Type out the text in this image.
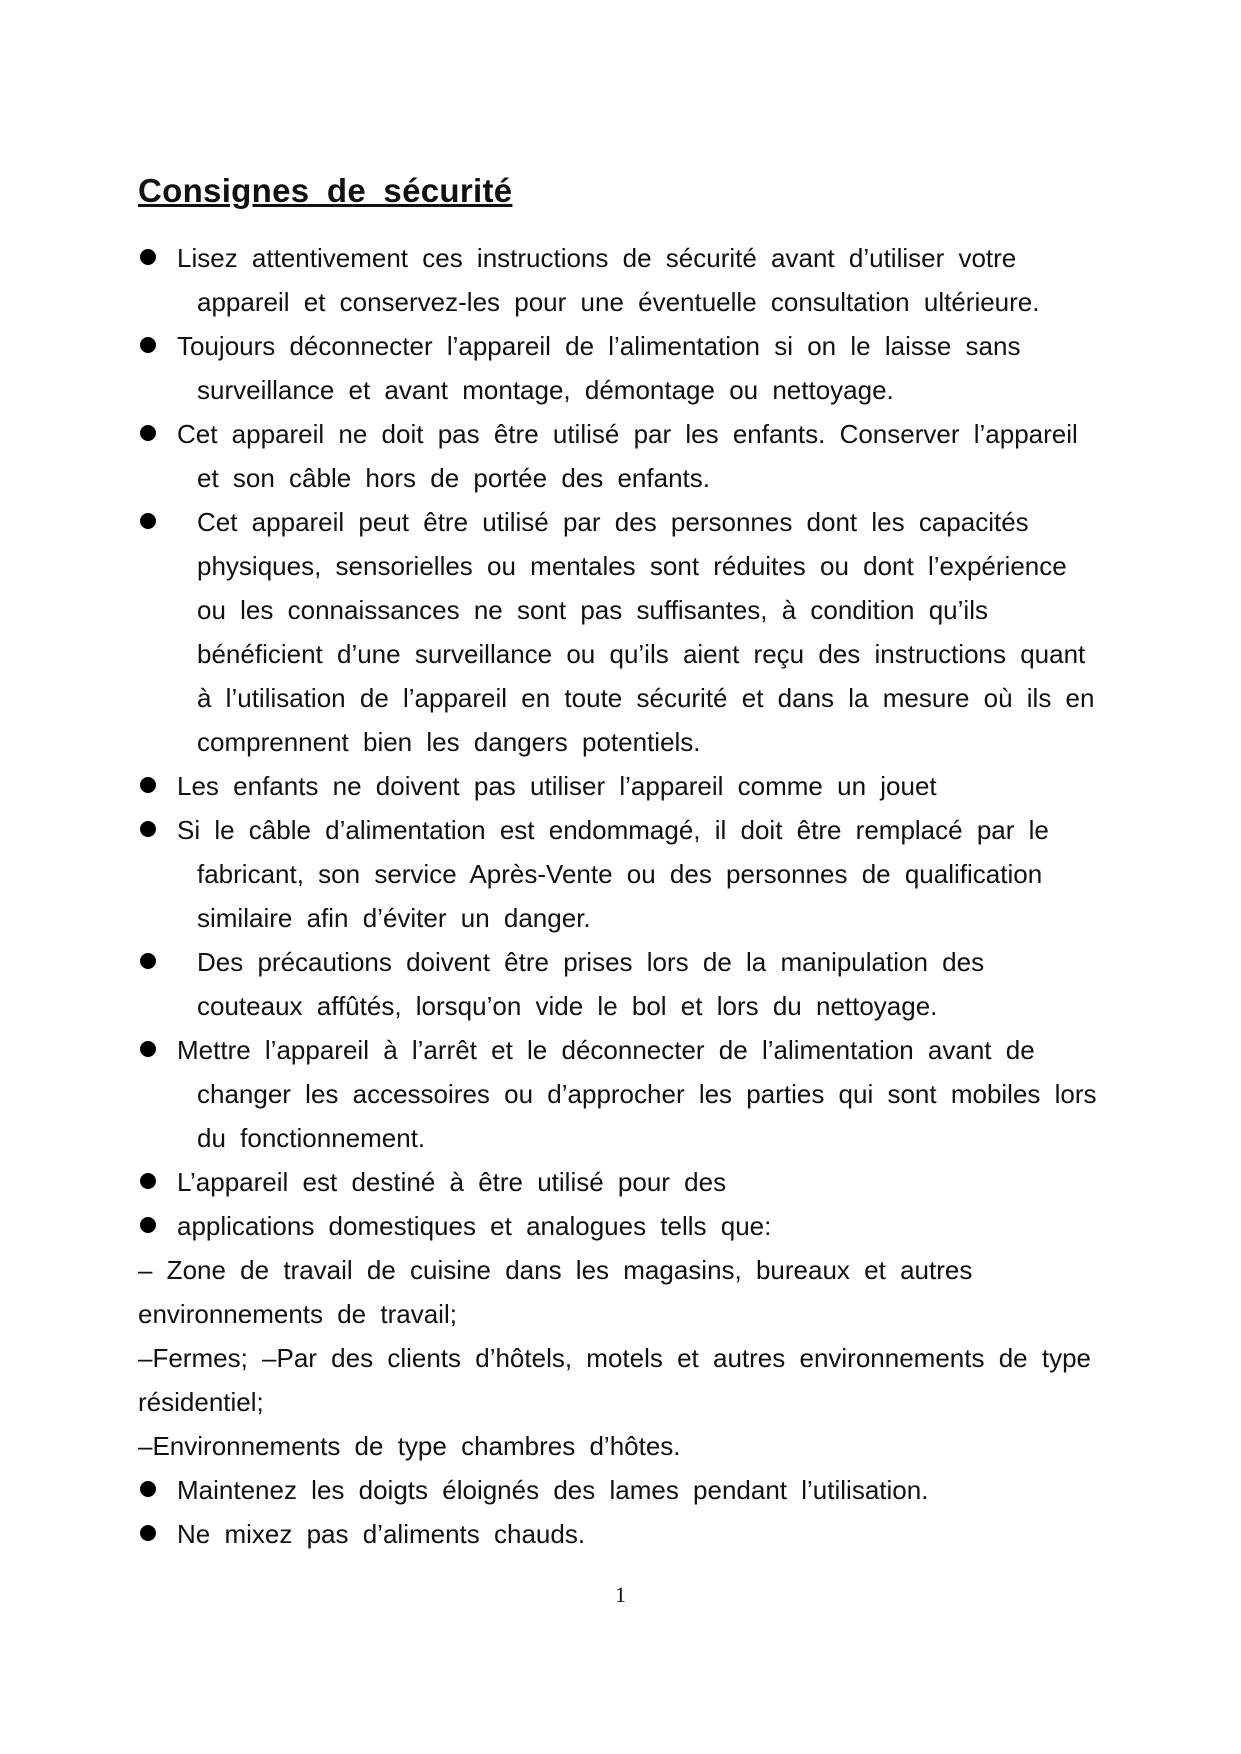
Consignes de sécurité
Lisez attentivement ces instructions de sécurité avant d’utiliser votre
appareil et conservez-les pour une éventuelle consultation ultérieure.
Toujours déconnecter l’appareil de l’alimentation si on le laisse sans
surveillance et avant montage, démontage ou nettoyage.
Cet appareil ne doit pas être utilisé par les enfants. Conserver l’appareil
et son câble hors de portée des enfants.
Cet appareil peut être utilisé par des personnes dont les capacités
physiques, sensorielles ou mentales sont réduites ou dont l’expérience
ou les connaissances ne sont pas suffisantes, à condition qu’ils
bénéficient d’une surveillance ou qu’ils aient reçu des instructions quant
à l’utilisation de l’appareil en toute sécurité et dans la mesure où ils en
comprennent bien les dangers potentiels.
Les enfants ne doivent pas utiliser l’appareil comme un jouet
Si le câble d’alimentation est endommagé, il doit être remplacé par le
fabricant, son service Après-Vente ou des personnes de qualification
similaire afin d’éviter un danger.
Des précautions doivent être prises lors de la manipulation des
couteaux affûtés, lorsqu’on vide le bol et lors du nettoyage.
Mettre l’appareil à l’arrêt et le déconnecter de l’alimentation avant de
changer les accessoires ou d’approcher les parties qui sont mobiles lors
du fonctionnement.
L’appareil est destiné à être utilisé pour des
applications domestiques et analogues tells que:
– Zone de travail de cuisine dans les magasins, bureaux et autres
environnements de travail;
–Fermes; –Par des clients d’hôtels, motels et autres environnements de type
résidentiel;
–Environnements de type chambres d’hôtes.
Maintenez les doigts éloignés des lames pendant l’utilisation.
Ne mixez pas d’aliments chauds.
1
